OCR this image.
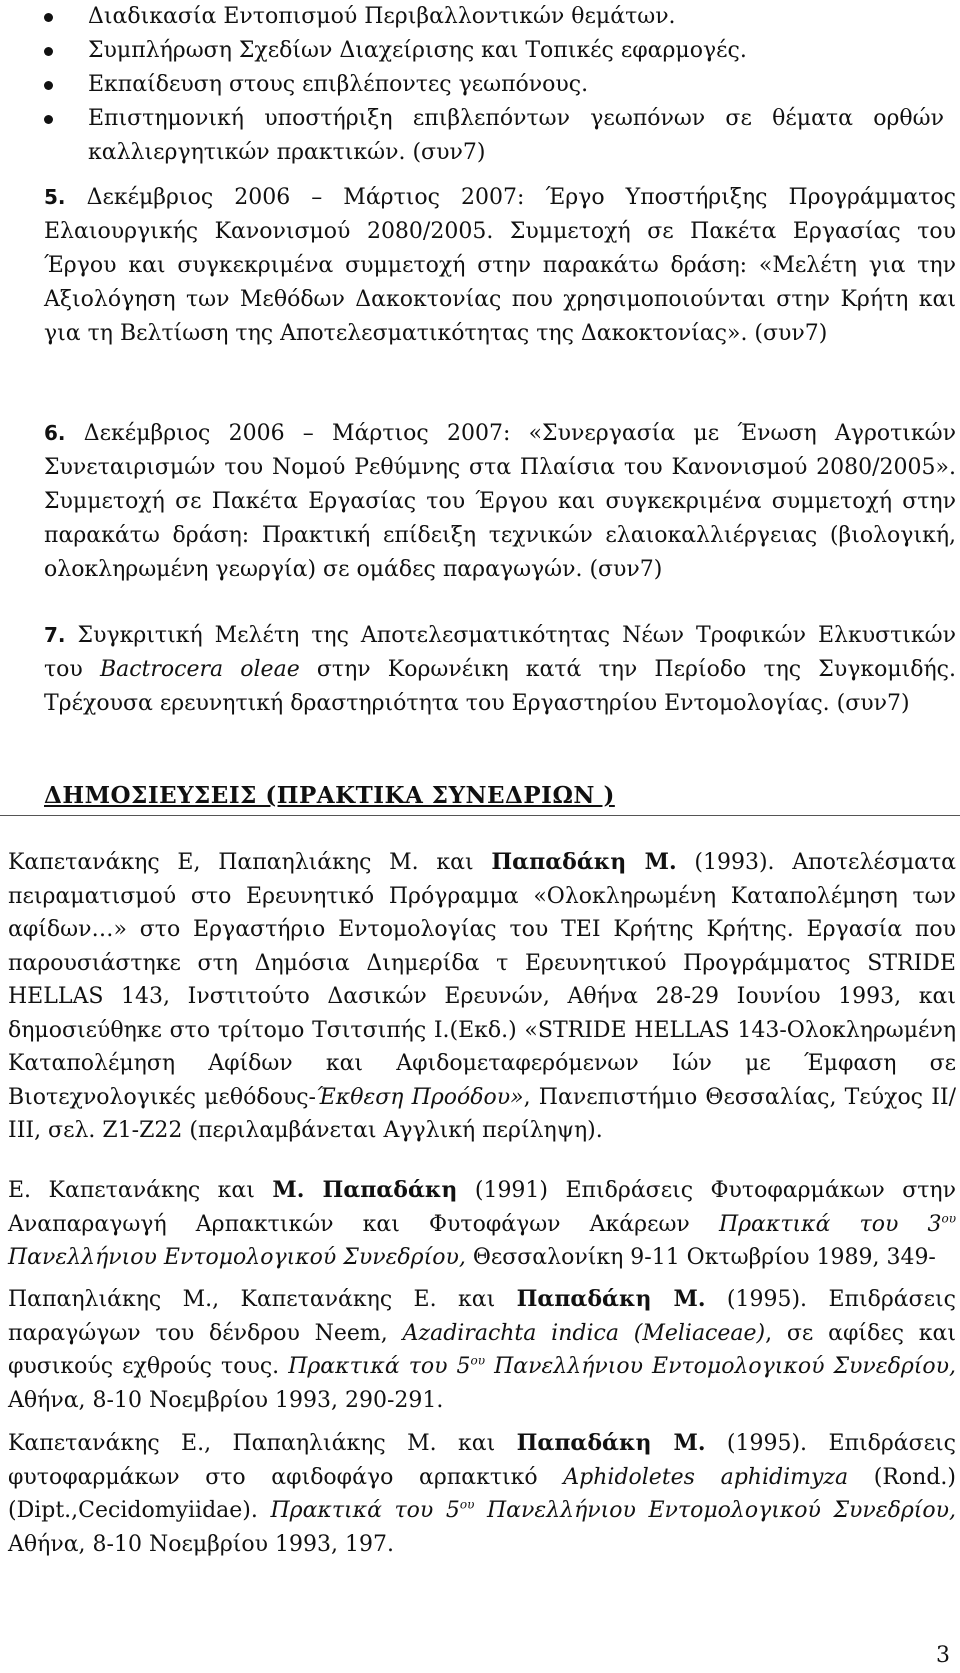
Διαδικασία Εντοπισμού Περιβαλλοντικών θεμάτων.
Συμπλήρωση Σχεδίων Διαχείρισης και Τοπικές εφαρμογές.
Εκπαίδευση στους επιβλέποντες γεωπόνους.
Επιστημονική υποστήριξη επιβλεπόντων γεωπόνων σε θέματα ορθών καλλιεργητικών πρακτικών. (συν7)
5. Δεκέμβριος 2006 – Μάρτιος 2007: Έργο Υποστήριξης Προγράμματος Ελαιουργικής Κανονισμού 2080/2005. Συμμετοχή σε Πακέτα Εργασίας του Έργου και συγκεκριμένα συμμετοχή στην παρακάτω δράση: «Μελέτη για την Αξιολόγηση των Μεθόδων Δακοκτονίας που χρησιμοποιούνται στην Κρήτη και για τη Βελτίωση της Αποτελεσματικότητας της Δακοκτονίας». (συν7)
6. Δεκέμβριος 2006 – Μάρτιος 2007: «Συνεργασία με Ένωση Αγροτικών Συνεταιρισμών του Νομού Ρεθύμνης στα Πλαίσια του Κανονισμού 2080/2005». Συμμετοχή σε Πακέτα Εργασίας του Έργου και συγκεκριμένα συμμετοχή στην παρακάτω δράση: Πρακτική επίδειξη τεχνικών ελαιοκαλλιέργειας (βιολογική, ολοκληρωμένη γεωργία) σε ομάδες παραγωγών. (συν7)
7. Συγκριτική Μελέτη της Αποτελεσματικότητας Νέων Τροφικών Ελκυστικών του Bactrocera oleae στην Κορωνέικη κατά την Περίοδο της Συγκομιδής. Τρέχουσα ερευνητική δραστηριότητα του Εργαστηρίου Εντομολογίας. (συν7)
ΔΗΜΟΣΙΕΥΣΕΙΣ (ΠΡΑΚΤΙΚΑ ΣΥΝΕΔΡΙΩΝ )
Καπετανάκης Ε, Παπαηλιάκης Μ. και Παπαδάκη Μ. (1993). Αποτελέσματα πειραματισμού στο Ερευνητικό Πρόγραμμα «Ολοκληρωμένη Καταπολέμηση των αφίδων…» στο Εργαστήριο Εντομολογίας του ΤΕΙ Κρήτης Κρήτης. Εργασία που παρουσιάστηκε στη Δημόσια Διημερίδα τ Ερευνητικού Προγράμματος STRIDE HELLAS 143, Ινστιτούτο Δασικών Ερευνών, Αθήνα 28-29 Ιουνίου 1993, και δημοσιεύθηκε στο τρίτομο Τσιτσιπής Ι.(Εκδ.) «STRIDE HELLAS 143-Ολοκληρωμένη Καταπολέμηση Αφίδων και Αφιδομεταφερόμενων Ιών με Έμφαση σε Βιοτεχνολογικές μεθόδους-Έκθεση Προόδου», Πανεπιστήμιο Θεσσαλίας, Τεύχος ΙΙ/ΙΙΙ, σελ. Ζ1-Ζ22 (περιλαμβάνεται Αγγλική περίληψη).
Ε. Καπετανάκης και Μ. Παπαδάκη (1991) Επιδράσεις Φυτοφαρμάκων στην Αναπαραγωγή Αρπακτικών και Φυτοφάγων Ακάρεων Πρακτικά του $3^{o\upsilon}$ Πανελλήνιου Εντομολογικού Συνεδρίου, Θεσσαλονίκη 9-11 Οκτωβρίου 1989, 349-
Παπαηλιάκης Μ., Καπετανάκης Ε. και Παπαδάκη Μ. (1995). Επιδράσεις παραγώγων του δένδρου Neem, Azadirachta indica (Meliaceae), σε αφίδες και φυσικούς εχθρούς τους. Πρακτικά του $5^{o\upsilon}$ Πανελλήνιου Εντομολογικού Συνεδρίου, Αθήνα, 8-10 Νοεμβρίου 1993, 290-291.
Καπετανάκης Ε., Παπαηλιάκης Μ. και Παπαδάκη Μ. (1995). Επιδράσεις φυτοφαρμάκων στο αφιδοφάγο αρπακτικό Aphidoletes aphidimyza (Rond.) (Dipt.,Cecidomyiidae). Πρακτικά του $5^{o\upsilon}$ Πανελλήνιου Εντομολογικού Συνεδρίου, Αθήνα, 8-10 Νοεμβρίου 1993, 197.
3
